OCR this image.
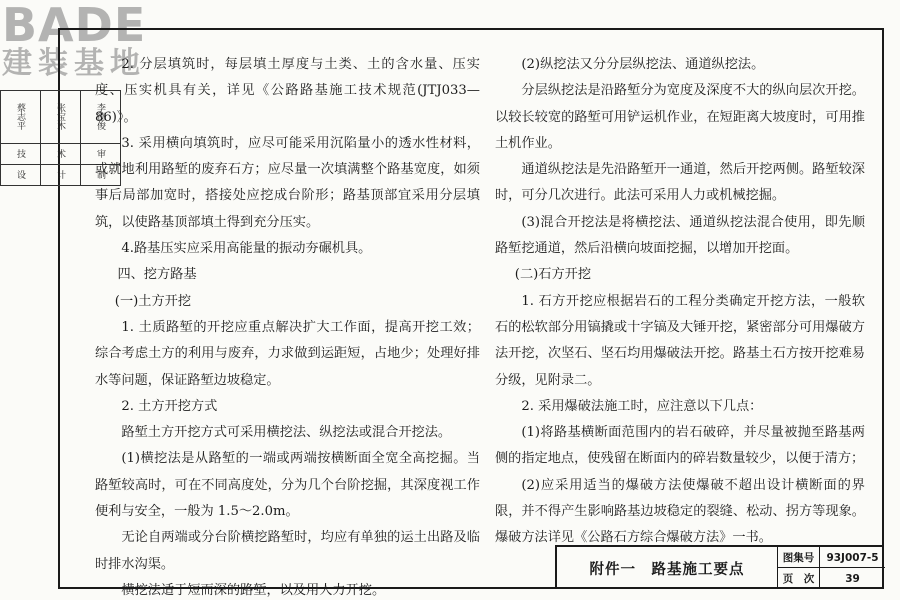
BADE
建装基地
蔡志平	张宝木	李德俊
技	术	审
设	计	制
2. 分层填筑时，每层填土厚度与土类、土的含水量、压实度、压实机具有关，详见《公路路基施工技术规范(JTJ033—86)》。
3. 采用横向填筑时，应尽可能采用沉陷量小的透水性材料，或就地利用路堑的废弃石方；应尽量一次填满整个路基宽度，如须事后局部加宽时，搭接处应挖成台阶形；路基顶部宜采用分层填筑，以使路基顶部填土得到充分压实。
4.路基压实应采用高能量的振动夯碾机具。
四、挖方路基
(一)土方开挖
1. 土质路堑的开挖应重点解决扩大工作面，提高开挖工效；综合考虑土方的利用与废弃，力求做到运距短，占地少；处理好排水等问题，保证路堑边坡稳定。
2. 土方开挖方式
路堑土方开挖方式可采用横挖法、纵挖法或混合开挖法。
(1)横挖法是从路堑的一端或两端按横断面全宽全高挖掘。当路堑较高时，可在不同高度处，分为几个台阶挖掘，其深度视工作便利与安全，一般为 1.5～2.0m。
无论自两端或分台阶横挖路堑时，均应有单独的运土出路及临时排水沟渠。
横挖法适于短而深的路堑，以及用人力开挖。
(2)纵挖法又分分层纵挖法、通道纵挖法。
分层纵挖法是沿路堑分为宽度及深度不大的纵向层次开挖。以较长较宽的路堑可用铲运机作业，在短距离大坡度时，可用推土机作业。
通道纵挖法是先沿路堑开一通道，然后开挖两侧。路堑较深时，可分几次进行。此法可采用人力或机械挖掘。
(3)混合开挖法是将横挖法、通道纵挖法混合使用，即先顺路堑挖通道，然后沿横向坡面挖掘，以增加开挖面。
(二)石方开挖
1. 石方开挖应根据岩石的工程分类确定开挖方法，一般软石的松软部分用镐撬或十字镐及大锤开挖，紧密部分可用爆破方法开挖，次坚石、坚石均用爆破法开挖。路基土石方按开挖难易分级，见附录二。
2. 采用爆破法施工时，应注意以下几点：
(1)将路基横断面范围内的岩石破碎，并尽量被抛至路基两侧的指定地点，使残留在断面内的碎岩数量较少，以便于清方；
(2)应采用适当的爆破方法使爆破不超出设计横断面的界限，并不得产生影响路基边坡稳定的裂缝、松动、拐方等现象。爆破方法详见《公路石方综合爆破方法》一书。
附件一　路基施工要点
图集号	93J007-5
页　次	39
